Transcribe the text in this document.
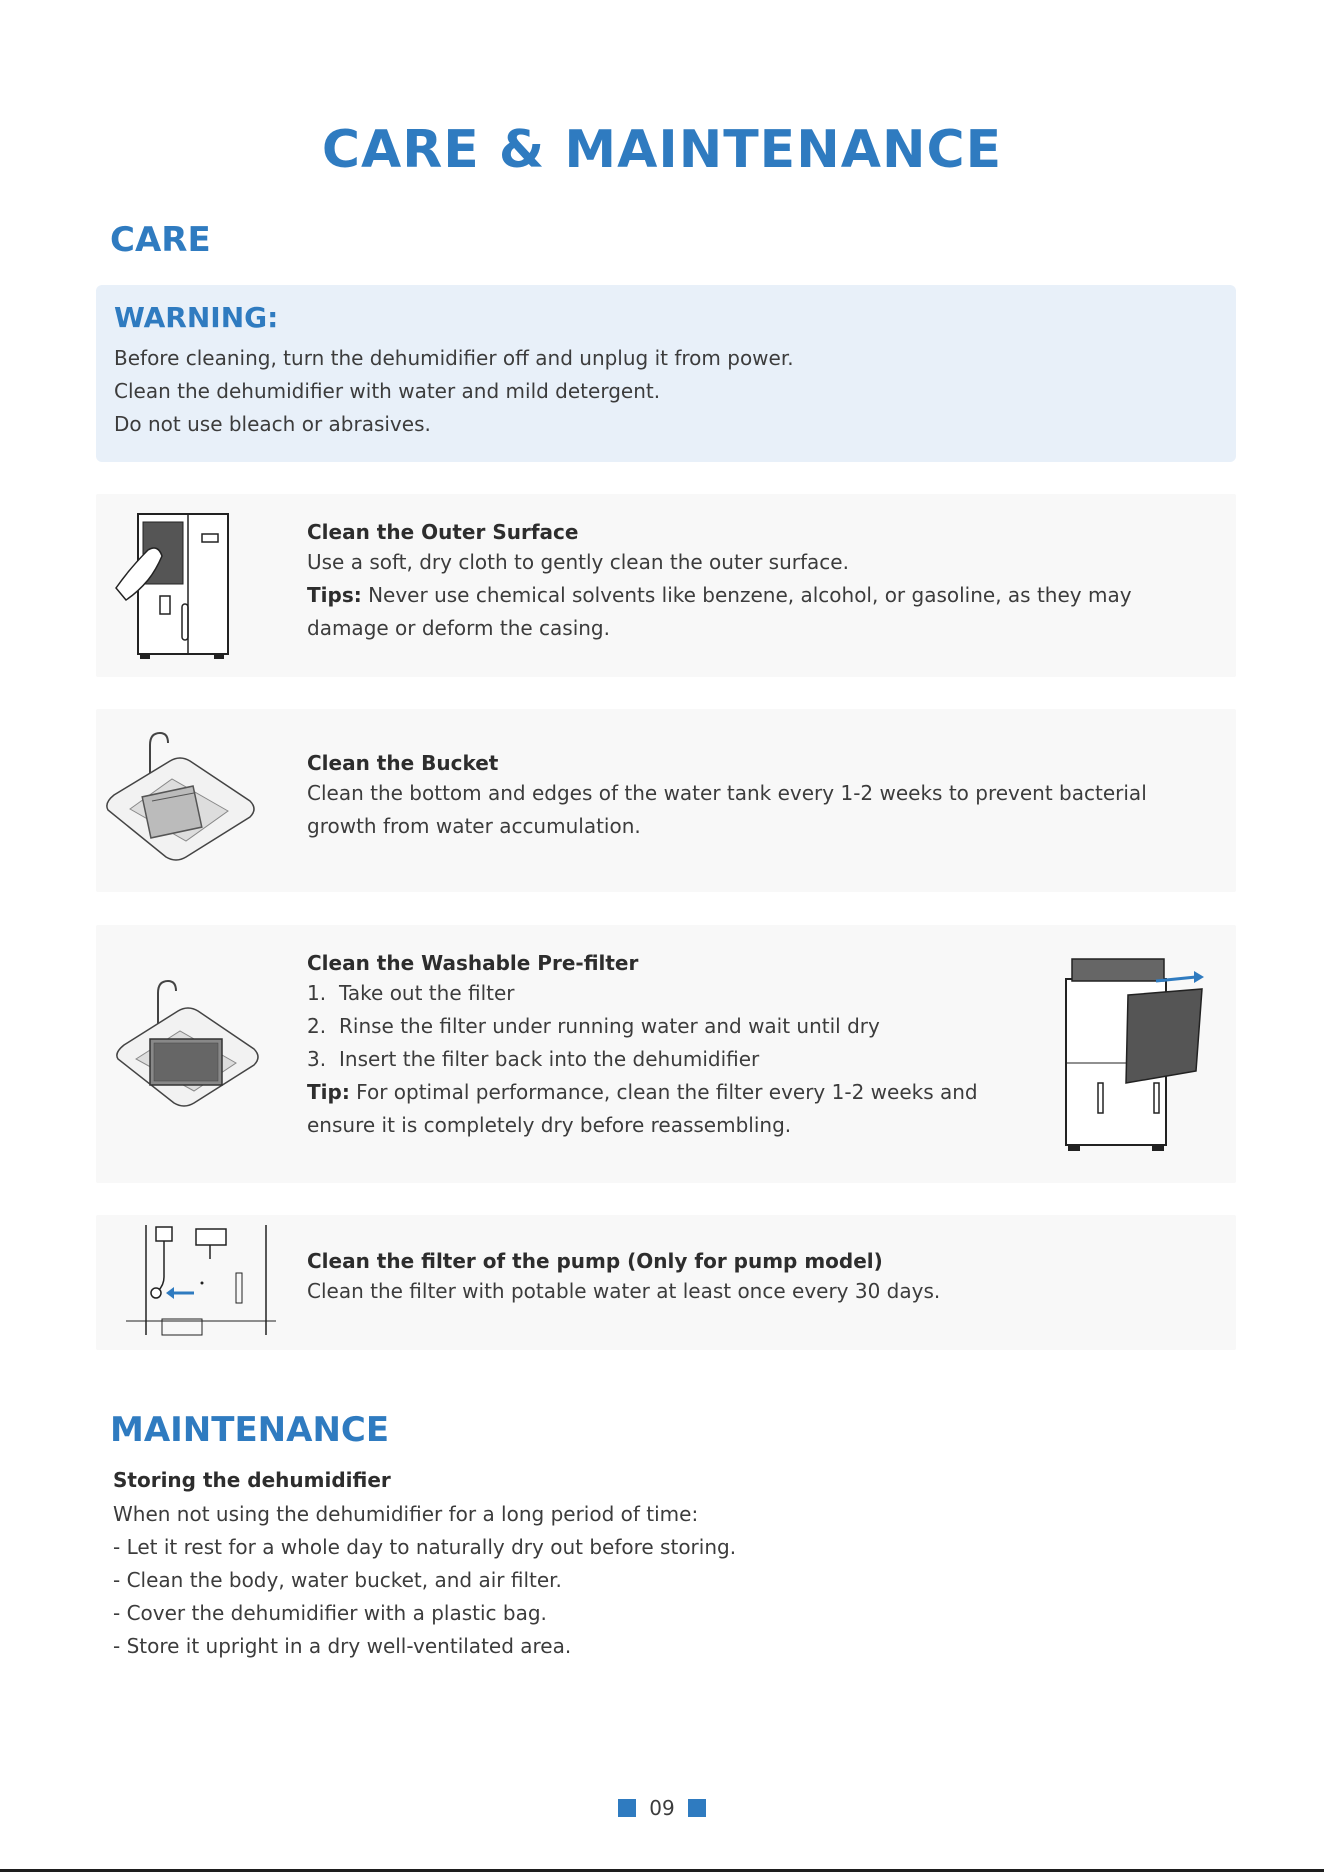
CARE & MAINTENANCE
CARE

WARNING:

Before cleaning, turn the dehumidifier off and unplug it from power.

Clean the dehumidifier with water and mild detergent.

Do not use bleach or abrasives.

Clean the Outer Surface

Use a soft, dry cloth to gently clean the outer surface.

Tips: Never use chemical solvents like benzene, alcohol, or gasoline, as they may

damage or deform the casing.

Clean the Bucket

Clean the bottom and edges of the water tank every 1-2 weeks to prevent bacterial

growth from water accumulation.

Clean the Washable Pre-filter

1. Take out the filter
2. Rinse the filter under running water and wait until dry
3. Insert the filter back into the dehumidifier

Tip: For optimal performance, clean the filter every 1-2 weeks and

ensure it is completely dry before reassembling.

Clean the filter of the pump (Only for pump model)

Clean the filter with potable water at least once every 30 days.

MAINTENANCE

Storing the dehumidifier

When not using the dehumidifier for a long period of time:
- Let it rest for a whole day to naturally dry out before storing.
- Clean the body, water bucket, and air filter.
- Cover the dehumidifier with a plastic bag.
- Store it upright in a dry well-ventilated area.
09
